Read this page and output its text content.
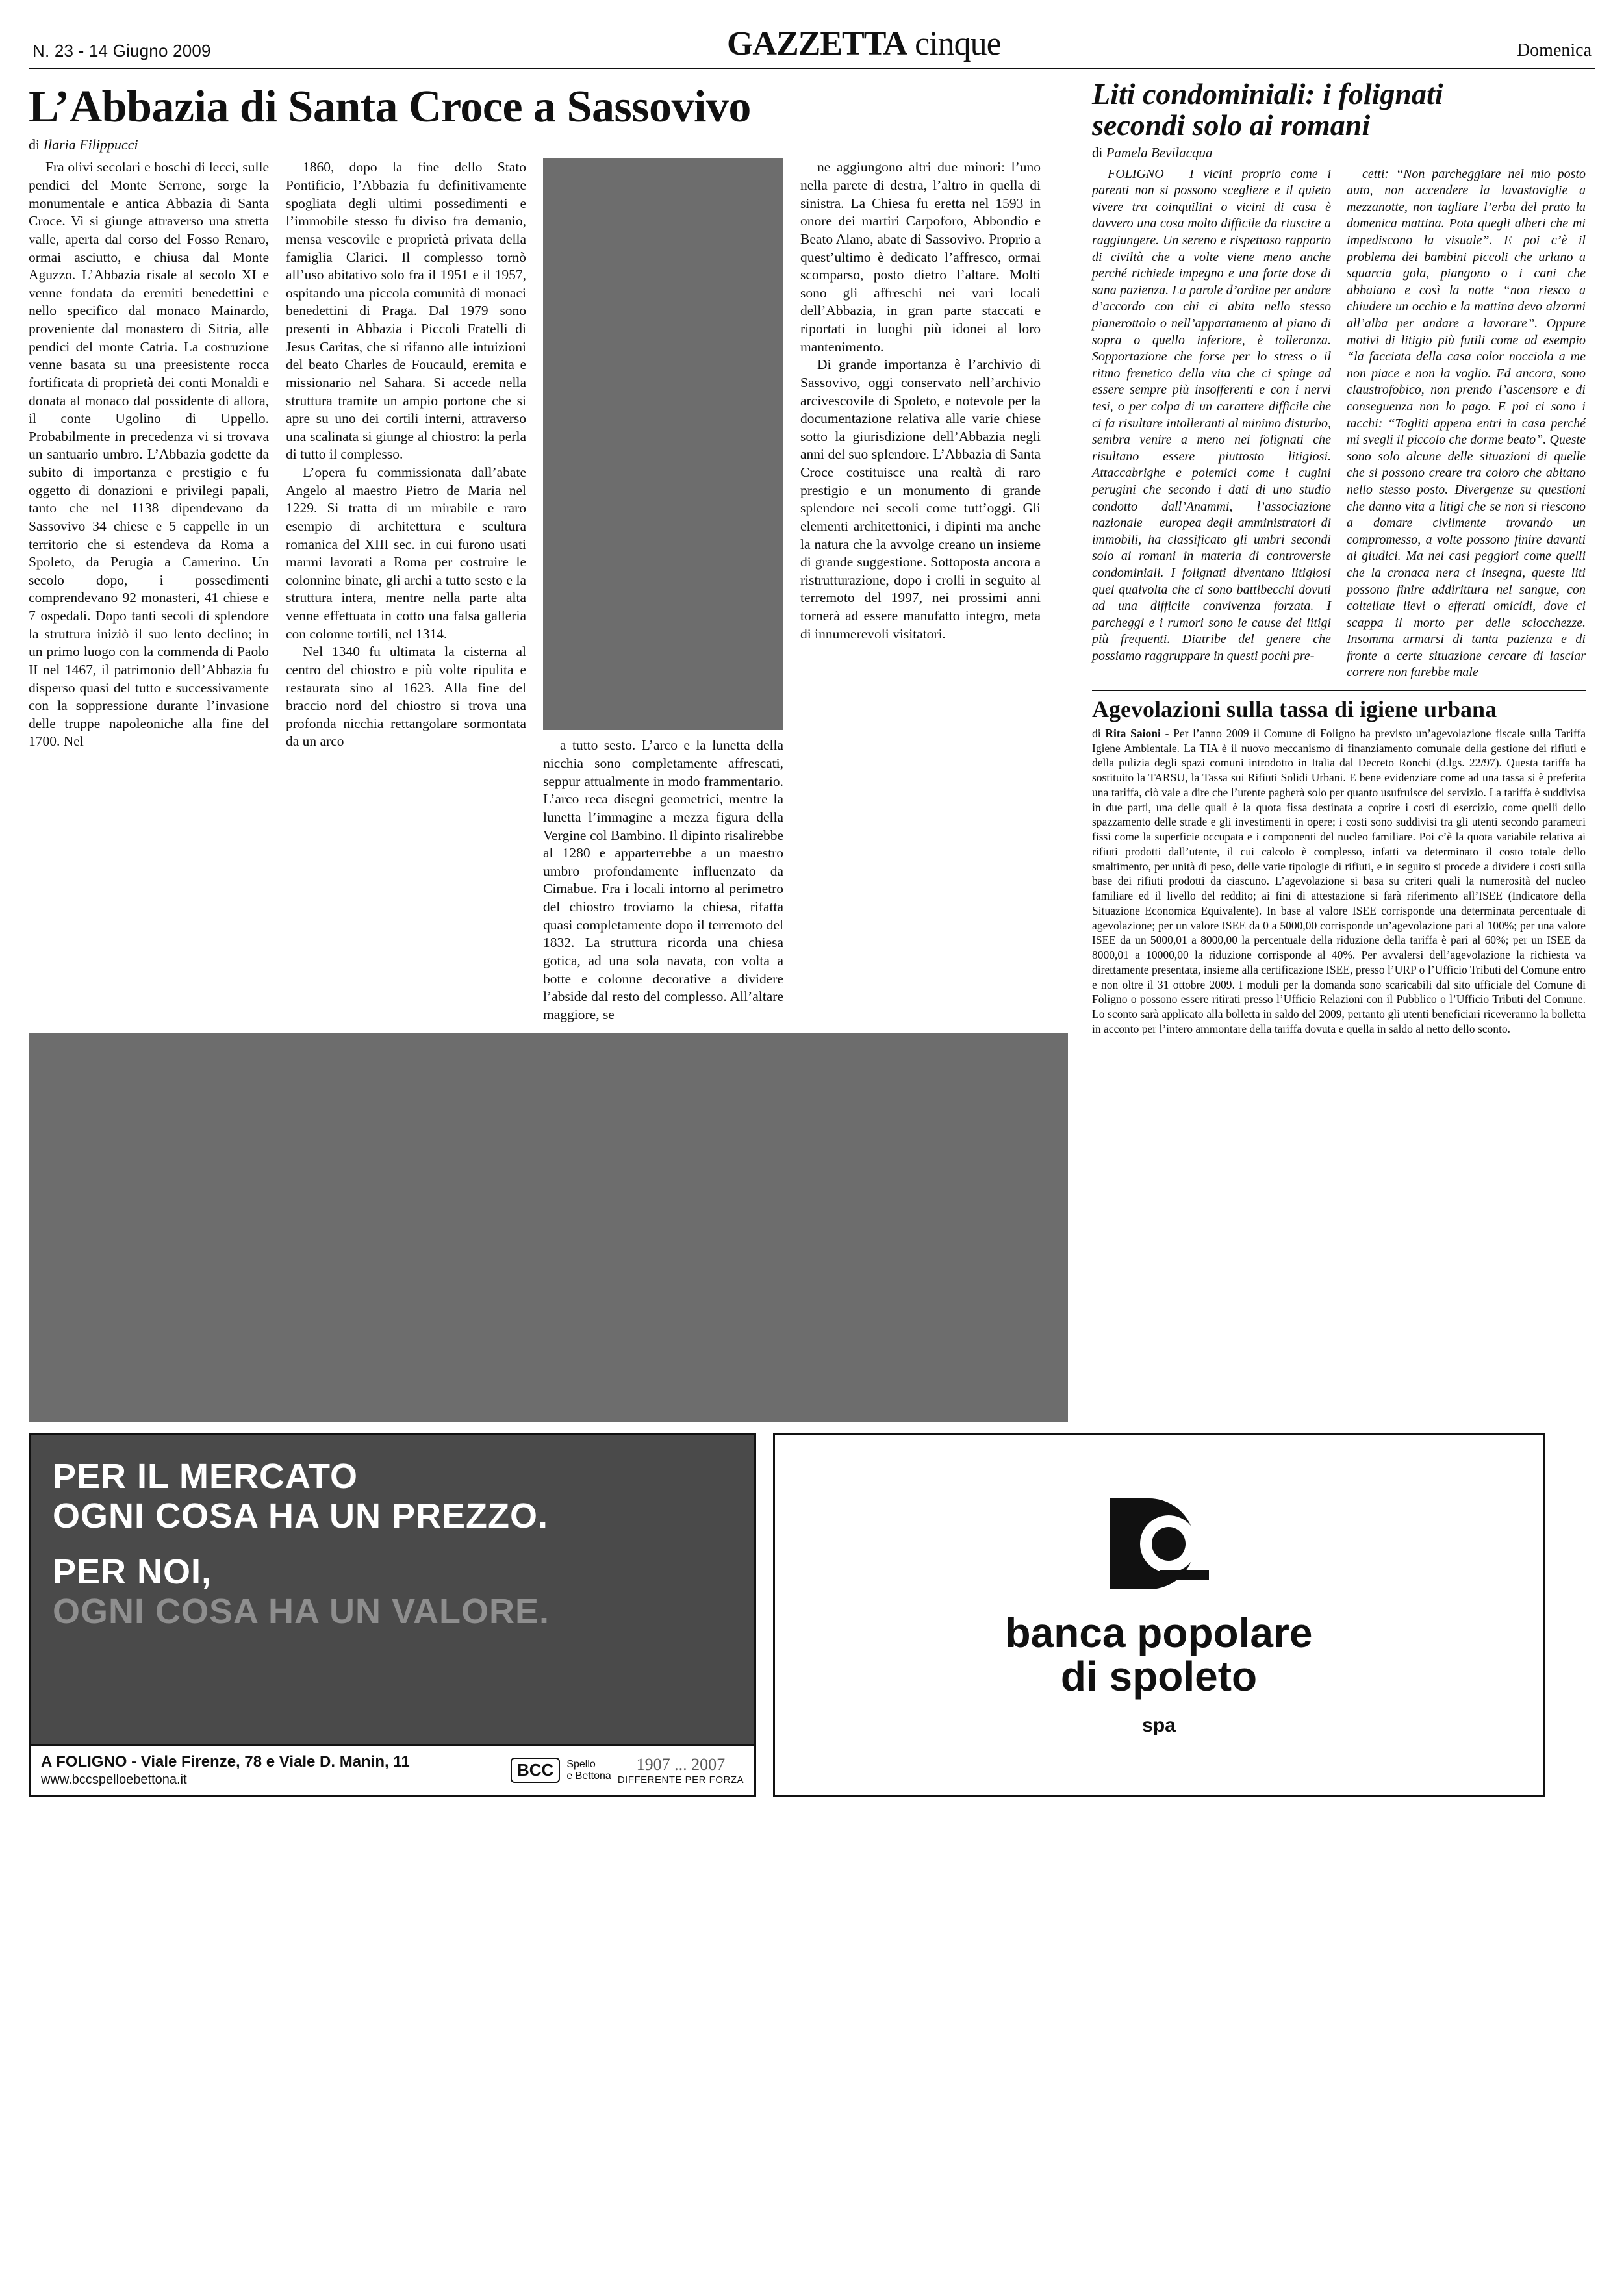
N. 23 - 14 Giugno 2009	GAZZETTA cinque	Domenica
L’Abbazia di Santa Croce a Sassovivo
di Ilaria Filippucci

Fra olivi secolari e boschi di lecci, sulle pendici del Monte Serrone, sorge la monumentale e antica Abbazia di Santa Croce. Vi si giunge attraverso una stretta valle, aperta dal corso del Fosso Renaro, ormai asciutto, e chiusa dal Monte Aguzzo. L’Abbazia risale al secolo XI e venne fondata da eremiti benedettini e nello specifico dal monaco Mainardo, proveniente dal monastero di Sitria, alle pendici del monte Catria. La costruzione venne basata su una preesistente rocca fortificata di proprietà dei conti Monaldi e donata al monaco dal possidente di allora, il conte Ugolino di Uppello. Probabilmente in precedenza vi si trovava un santuario umbro. L’Abbazia godette da subito di importanza e prestigio e fu oggetto di donazioni e privilegi papali, tanto che nel 1138 dipendevano da Sassovivo 34 chiese e 5 cappelle in un territorio che si estendeva da Roma a Spoleto, da Perugia a Camerino. Un secolo dopo, i possedimenti comprendevano 92 monasteri, 41 chiese e 7 ospedali. Dopo tanti secoli di splendore la struttura iniziò il suo lento declino; in un primo luogo con la commenda di Paolo II nel 1467, il patrimonio dell’Abbazia fu disperso quasi del tutto e successivamente con la soppressione durante l’invasione delle truppe napoleoniche alla fine del 1700. Nel

1860, dopo la fine dello Stato Pontificio, l’Abbazia fu definitivamente spogliata degli ultimi possedimenti e l’immobile stesso fu diviso fra demanio, mensa vescovile e proprietà privata della famiglia Clarici. Il complesso tornò all’uso abitativo solo fra il 1951 e il 1957, ospitando una piccola comunità di monaci benedettini di Praga. Dal 1979 sono presenti in Abbazia i Piccoli Fratelli di Jesus Caritas, che si rifanno alle intuizioni del beato Charles de Foucauld, eremita e missionario nel Sahara. Si accede nella struttura tramite un ampio portone che si apre su uno dei cortili interni, attraverso una scalinata si giunge al chiostro: la perla di tutto il complesso.

L’opera fu commissionata dall’abate Angelo al maestro Pietro de Maria nel 1229. Si tratta di un mirabile e raro esempio di architettura e scultura romanica del XIII sec. in cui furono usati marmi lavorati a Roma per costruire le colonnine binate, gli archi a tutto sesto e la struttura intera, mentre nella parte alta venne effettuata in cotto una falsa galleria con colonne tortili, nel 1314.

Nel 1340 fu ultimata la cisterna al centro del chiostro e più volte ripulita e restaurata sino al 1623. Alla fine del braccio nord del chiostro si trova una profonda nicchia rettangolare sormontata da un arco	a tutto sesto. L’arco e la lunetta della nicchia sono completamente affrescati, seppur attualmente in modo frammentario. L’arco reca disegni geometrici, mentre la lunetta l’immagine a mezza figura della Vergine col Bambino. Il dipinto risalirebbe al 1280 e apparterrebbe a un maestro umbro profondamente influenzato da Cimabue. Fra i locali intorno al perimetro del chiostro troviamo la chiesa, rifatta quasi completamente dopo il terremoto del 1832. La struttura ricorda una chiesa gotica, ad una sola navata, con volta a botte e colonne decorative a dividere l’abside dal resto del complesso. All’altare maggiore, se

ne aggiungono altri due minori: l’uno nella parete di destra, l’altro in quella di sinistra. La Chiesa fu eretta nel 1593 in onore dei martiri Carpoforo, Abbondio e Beato Alano, abate di Sassovivo. Proprio a quest’ultimo è dedicato l’affresco, ormai scomparso, posto dietro l’altare. Molti sono gli affreschi nei vari locali dell’Abbazia, in gran parte staccati e riportati in luoghi più idonei al loro mantenimento.

Di grande importanza è l’archivio di Sassovivo, oggi conservato nell’archivio arcivescovile di Spoleto, e notevole per la documentazione relativa alle varie chiese sotto la giurisdizione dell’Abbazia negli anni del suo splendore. L’Abbazia di Santa Croce costituisce una realtà di raro prestigio e un monumento di grande splendore nei secoli come tutt’oggi. Gli elementi architettonici, i dipinti ma anche la natura che la avvolge creano un insieme di grande suggestione. Sottoposta ancora a ristrutturazione, dopo i crolli in seguito al terremoto del 1997, nei prossimi anni tornerà ad essere manufatto integro, meta di innumerevoli visitatori.

Liti condominiali: i folignati
secondi solo ai romani
di Pamela Bevilacqua

FOLIGNO – I vicini proprio come i parenti non si possono scegliere e il quieto vivere tra coinquilini o vicini di casa è davvero una cosa molto difficile da riuscire a raggiungere. Un sereno e rispettoso rapporto di civiltà che a volte viene meno anche perché richiede impegno e una forte dose di sana pazienza. La parole d’ordine per andare d’accordo con chi ci abita nello stesso pianerottolo o nell’appartamento al piano di sopra o quello inferiore, è tolleranza. Sopportazione che forse per lo stress o il ritmo frenetico della vita che ci spinge ad essere sempre più insofferenti e con i nervi tesi, o per colpa di un carattere difficile che ci fa risultare intolleranti al minimo disturbo, sembra venire a meno nei folignati che risultano essere piuttosto litigiosi. Attaccabrighe e polemici come i cugini perugini che secondo i dati di uno studio condotto dall’Anammi, l’associazione nazionale – europea degli amministratori di immobili, ha classificato gli umbri secondi solo ai romani in materia di controversie condominiali. I folignati diventano litigiosi quel qualvolta che ci sono battibecchi dovuti ad una difficile convivenza forzata. I parcheggi e i rumori sono le cause dei litigi più frequenti. Diatribe del genere che possiamo raggruppare in questi pochi pre-

cetti: “Non parcheggiare nel mio posto auto, non accendere la lavastoviglie a mezzanotte, non tagliare l’erba del prato la domenica mattina. Pota quegli alberi che mi impediscono la visuale”. E poi c’è il problema dei bambini piccoli che urlano a squarcia gola, piangono o i cani che abbaiano e così la notte “non riesco a chiudere un occhio e la mattina devo alzarmi all’alba per andare a lavorare”. Oppure motivi di litigio più futili come ad esempio “la facciata della casa color nocciola a me non piace e non la voglio. Ed ancora, sono claustrofobico, non prendo l’ascensore e di conseguenza non lo pago. E poi ci sono i tacchi: “Togliti appena entri in casa perché mi svegli il piccolo che dorme beato”. Queste sono solo alcune delle situazioni di quelle che si possono creare tra coloro che abitano nello stesso posto. Divergenze su questioni che danno vita a litigi che se non si riescono a domare civilmente trovando un compromesso, a volte possono finire davanti ai giudici. Ma nei casi peggiori come quelli che la cronaca nera ci insegna, queste liti possono finire addirittura nel sangue, con coltellate lievi o efferati omicidi, dove ci scappa il morto per delle sciocchezze. Insomma armarsi di tanta pazienza e di fronte a certe situazione cercare di lasciar correre non farebbe male

Agevolazioni sulla tassa di igiene urbana
di Rita Saioni - Per l’anno 2009 il Comune di Foligno ha previsto un’agevolazione fiscale sulla Tariffa Igiene Ambientale. La TIA è il nuovo meccanismo di finanziamento comunale della gestione dei rifiuti e della pulizia degli spazi comuni introdotto in Italia dal Decreto Ronchi (d.lgs. 22/97). Questa tariffa ha sostituito la TARSU, la Tassa sui Rifiuti Solidi Urbani. E bene evidenziare come ad una tassa si è preferita una tariffa, ciò vale a dire che l’utente pagherà solo per quanto usufruisce del servizio. La tariffa è suddivisa in due parti, una delle quali è la quota fissa destinata a coprire i costi di esercizio, come quelli dello spazzamento delle strade e gli investimenti in opere; i costi sono suddivisi tra gli utenti secondo parametri fissi come la superficie occupata e i componenti del nucleo familiare. Poi c’è la quota variabile relativa ai rifiuti prodotti dall’utente, il cui calcolo è complesso, infatti va determinato il costo totale dello smaltimento, per unità di peso, delle varie tipologie di rifiuti, e in seguito si procede a dividere i costi sulla base dei rifiuti prodotti da ciascuno. L’agevolazione si basa su criteri quali la numerosità del nucleo familiare ed il livello del reddito; ai fini di attestazione si farà riferimento all’ISEE (Indicatore della Situazione Economica Equivalente). In base al valore ISEE corrisponde una determinata percentuale di agevolazione; per un valore ISEE da 0 a 5000,00 corrisponde un’agevolazione pari al 100%; per una valore ISEE da un 5000,01 a 8000,00 la percentuale della riduzione della tariffa è pari al 60%; per un ISEE da 8000,01 a 10000,00 la riduzione corrisponde al 40%. Per avvalersi dell’agevolazione la richiesta va direttamente presentata, insieme alla certificazione ISEE, presso l’URP o l’Ufficio Tributi del Comune entro e non oltre il 31 ottobre 2009. I moduli per la domanda sono scaricabili dal sito ufficiale del Comune di Foligno o possono essere ritirati presso l’Ufficio Relazioni con il Pubblico o l’Ufficio Tributi del Comune. Lo sconto sarà applicato alla bolletta in saldo del 2009, pertanto gli utenti beneficiari riceveranno la bolletta in acconto per l’intero ammontare della tariffa dovuta e quella in saldo al netto dello sconto.
PER IL MERCATO
OGNI COSA HA UN PREZZO.
PER NOI,
OGNI COSA HA UN VALORE.
A FOLIGNO - Viale Firenze, 78 e Viale D. Manin, 11
www.bccspelloebettona.it	BCC	Spello
e Bettona
1907 ... 2007
DIFFERENTE PER FORZA
banca popolare
di spoleto
spa
